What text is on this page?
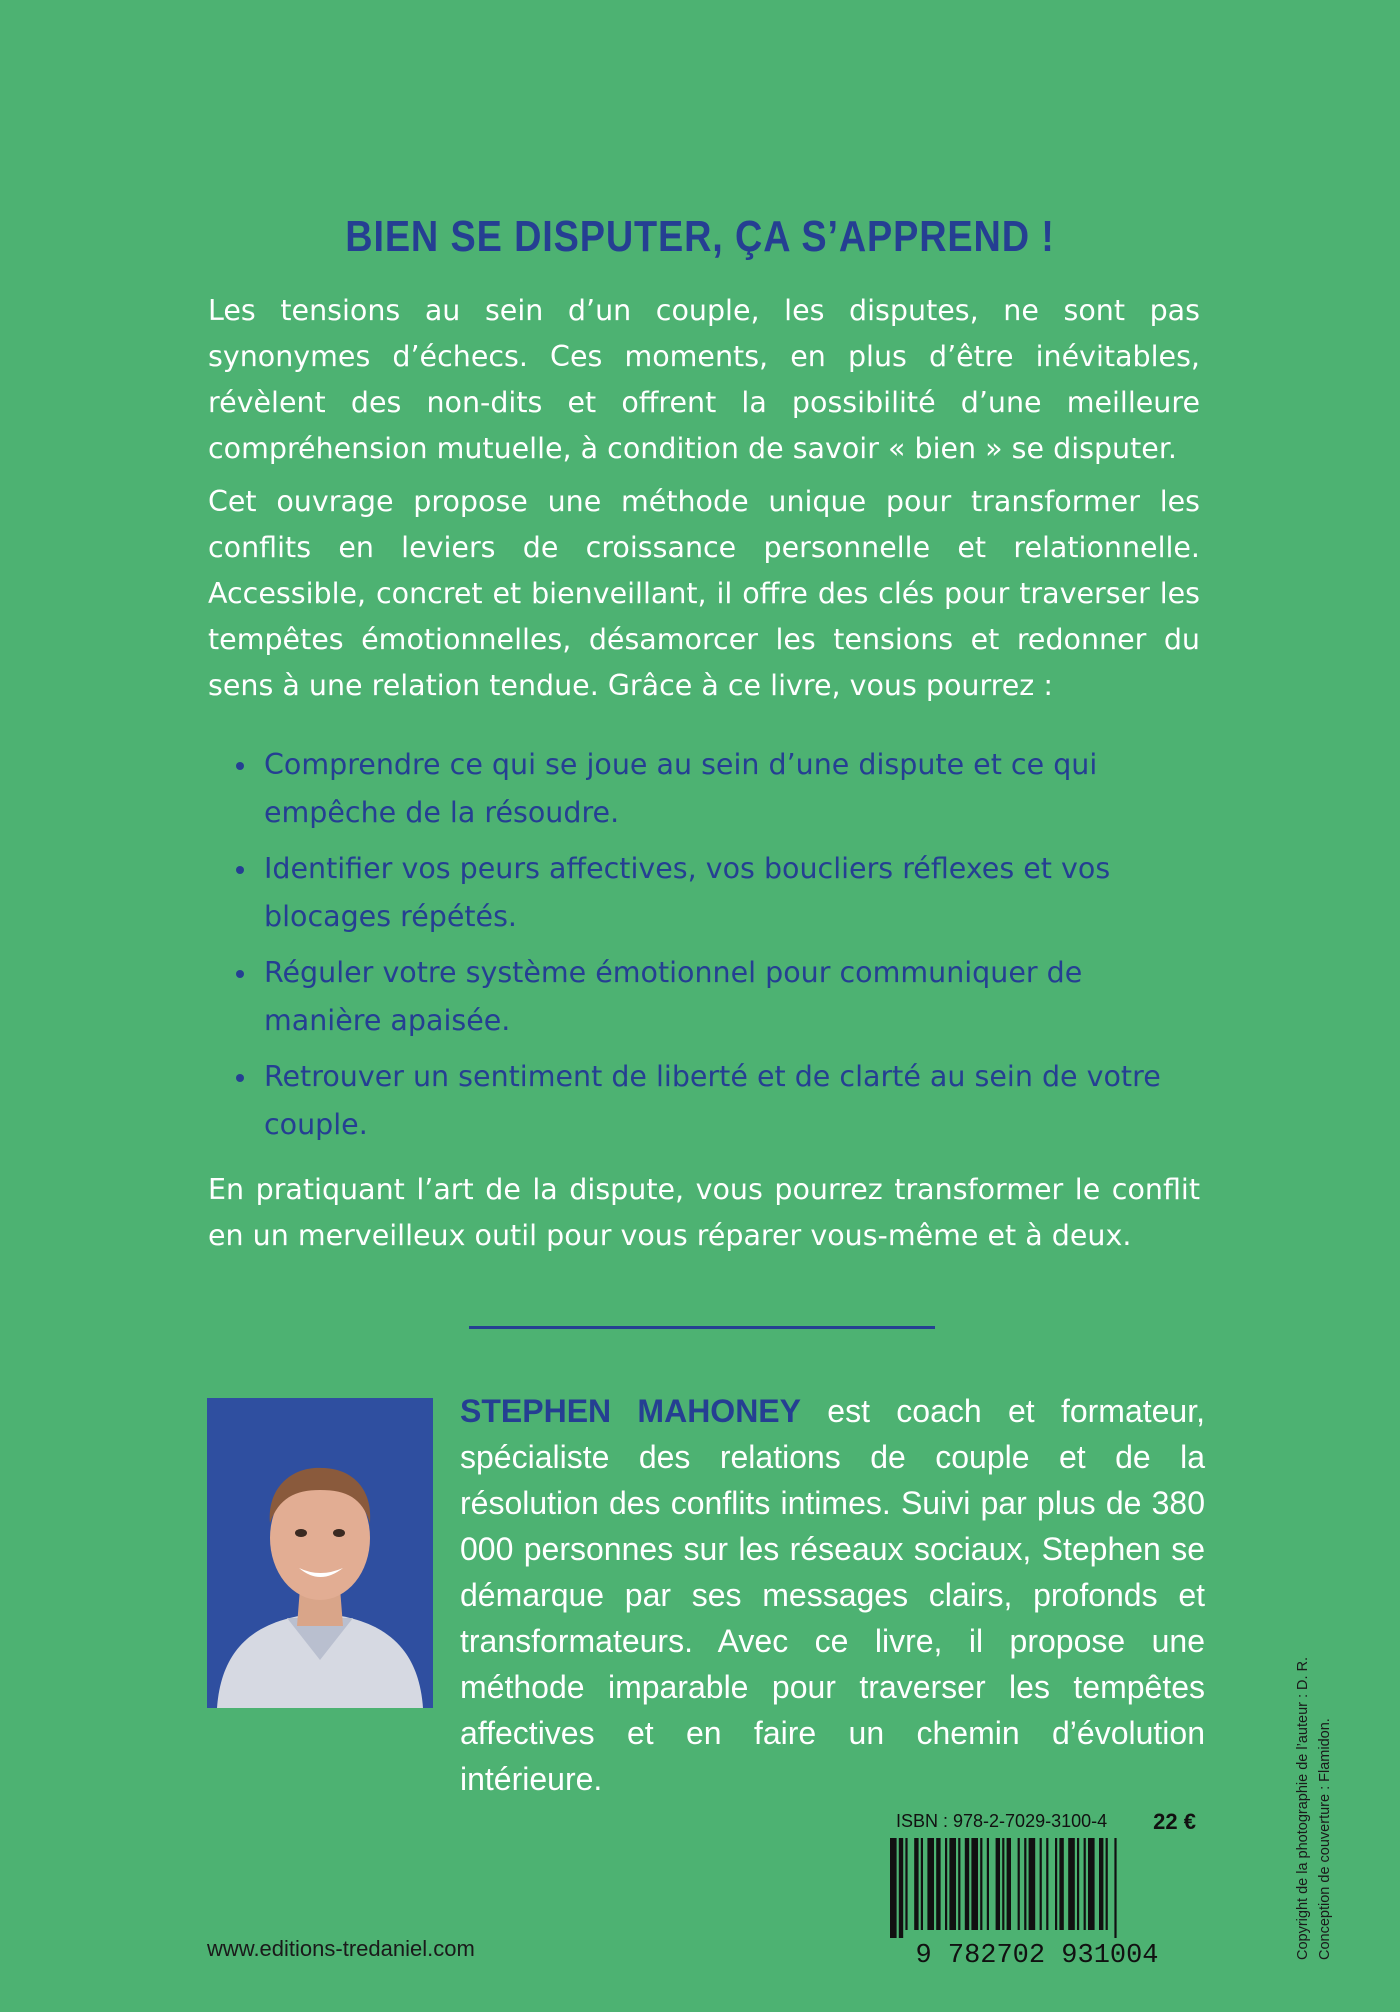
BIEN SE DISPUTER, ÇA S’APPREND !

Les tensions au sein d’un couple, les disputes, ne sont pas synonymes d’échecs. Ces moments, en plus d’être inévitables, révèlent des non-dits et offrent la possibilité d’une meilleure compréhension mutuelle, à condition de savoir « bien » se disputer.

Cet ouvrage propose une méthode unique pour transformer les conflits en leviers de croissance personnelle et relationnelle. Accessible, concret et bienveillant, il offre des clés pour traverser les tempêtes émotionnelles, désamorcer les tensions et redonner du sens à une relation tendue. Grâce à ce livre, vous pourrez :

Comprendre ce qui se joue au sein d’une dispute et ce qui empêche de la résoudre.
Identifier vos peurs affectives, vos boucliers réflexes et vos blocages répétés.
Réguler votre système émotionnel pour communiquer de manière apaisée.
Retrouver un sentiment de liberté et de clarté au sein de votre couple.

En pratiquant l’art de la dispute, vous pourrez transformer le conflit en un merveilleux outil pour vous réparer vous-même et à deux.

STEPHEN MAHONEY est coach et formateur, spécialiste des relations de couple et de la résolution des conflits intimes. Suivi par plus de 380 000 personnes sur les réseaux sociaux, Stephen se démarque par ses messages clairs, profonds et transformateurs. Avec ce livre, il propose une méthode imparable pour traverser les tempêtes affectives et en faire un chemin d’évolution intérieure.	Copyright de la photographie de l’auteur : D. R. Conception de couverture : Flamidon.
ISBN : 978-2-7029-3100-4 22 €
9 782702 931004
www.editions-tredaniel.com
